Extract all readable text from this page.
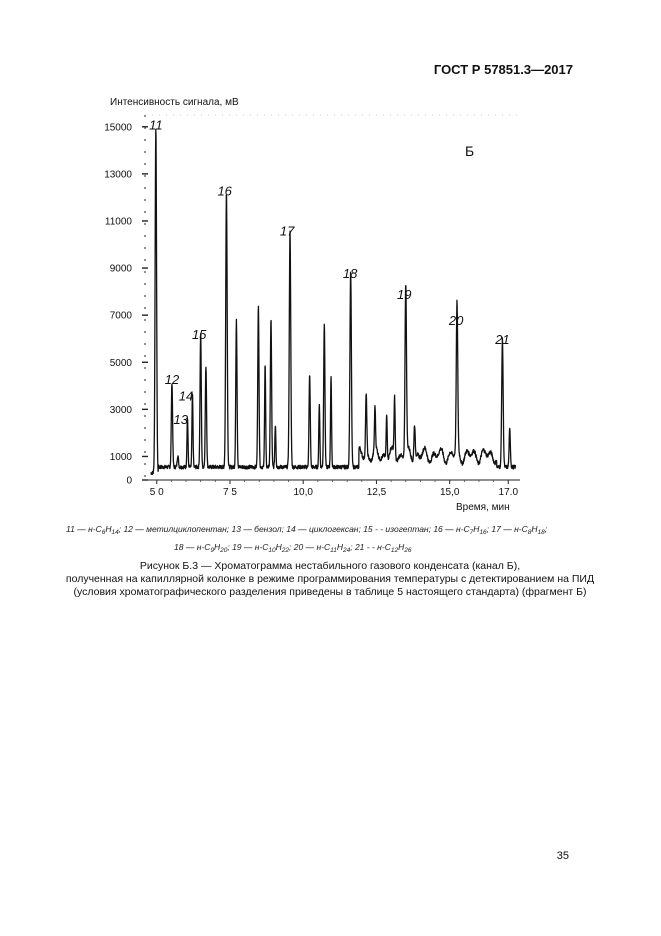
ГОСТ Р 57851.3—2017
Интенсивность сигнала, мВ
0
1000
3000
5000
7000
9000
11000
13000
15000
5 0	7 5	10,0	12,5	15,0	17.0
11
12
13
14
15
16
17
18
19
20
21
Б
Время, мин
11 — $н-C_6H_{14}$; 12 — метилциклопентан; 13 — бензол; 14 — циклогексан; 15 - - изогептан; 16 — $н-C_7H_{16}$; 17 — $н-C_8H_{18}$;
18 — $н-C_9H_{20}$; 19 — $н-C_{10}H_{22}$; 20 — $н-C_{11}H_{24}$; 21 - - $н-C_{12}H_{26}$
Рисунок Б.3 — Хроматограмма нестабильного газового конденсата (канал Б),
полученная на капиллярной колонке в режиме программирования температуры с детектированием на ПИД
(условия хроматографического разделения приведены в таблице 5 настоящего стандарта) (фрагмент Б)
35
